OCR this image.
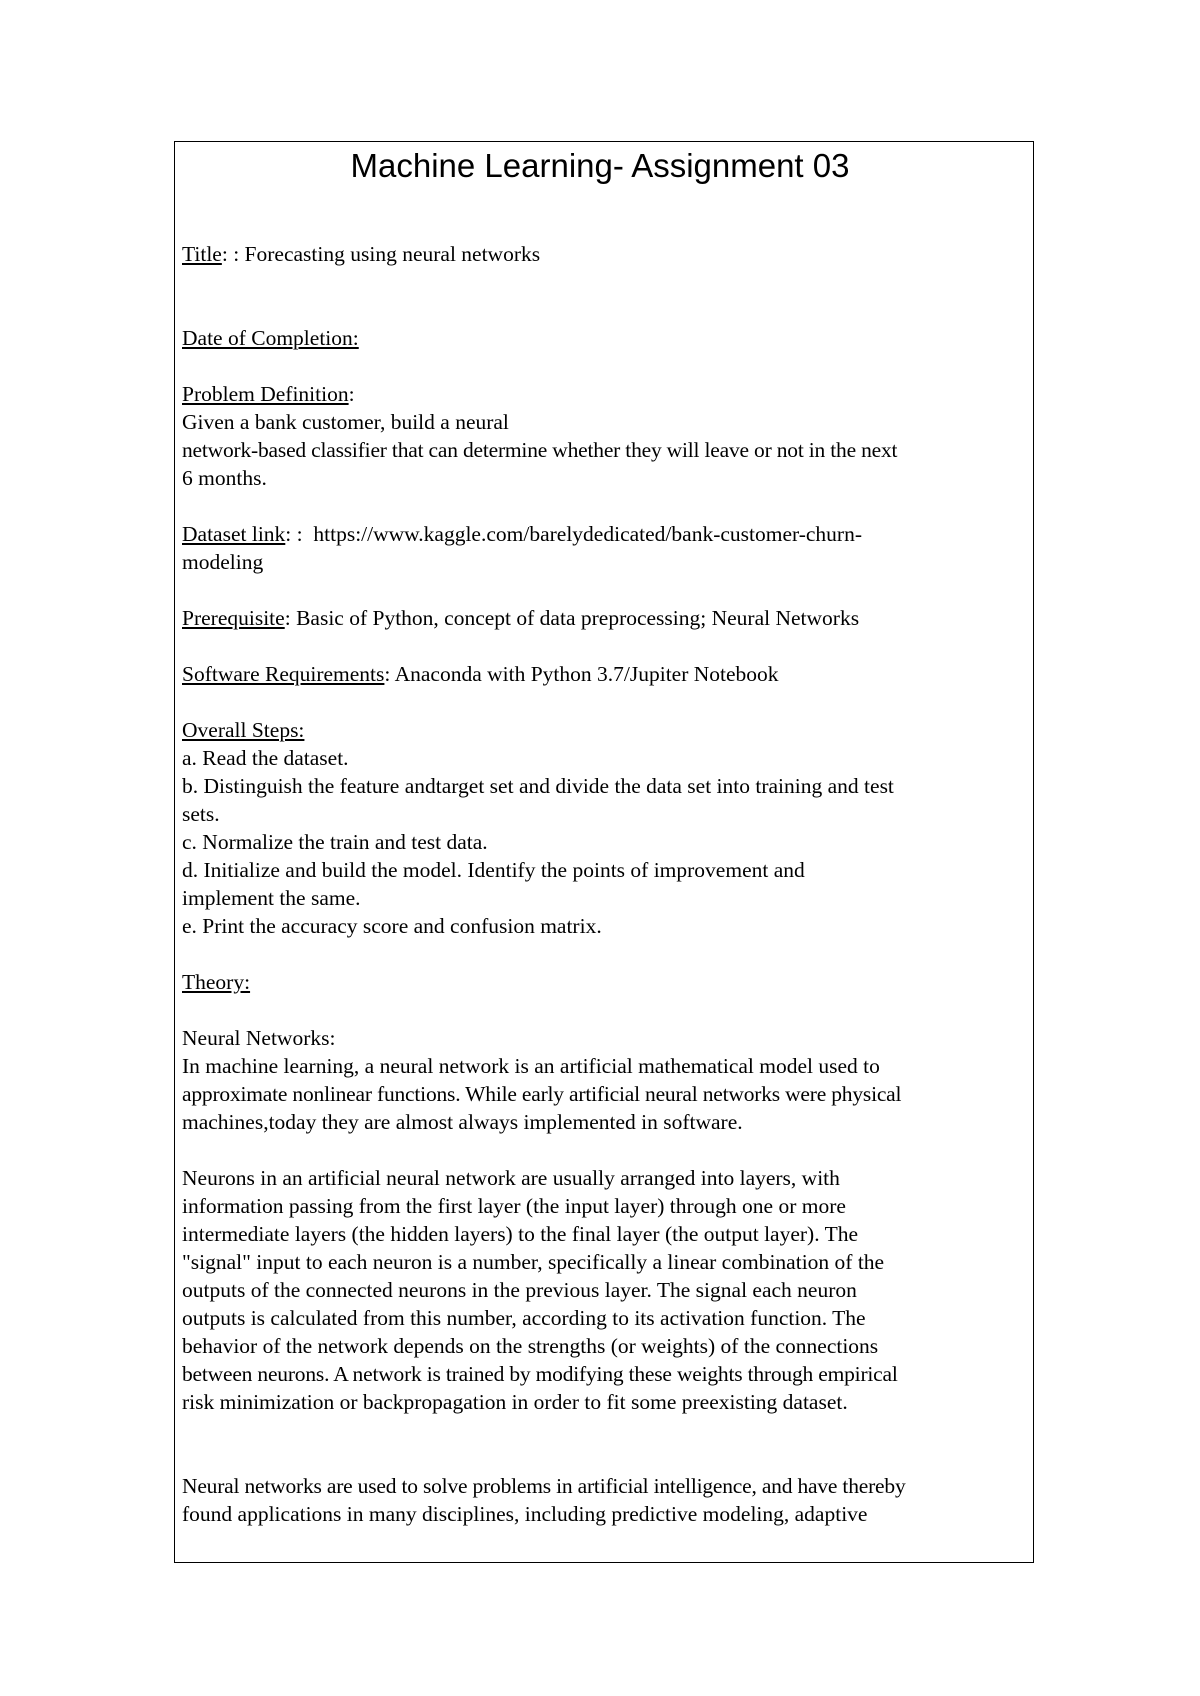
Machine Learning- Assignment 03

Title: : Forecasting using neural networks

Date of Completion:

Problem Definition:

Given a bank customer, build a neural

network-based classifier that can determine whether they will leave or not in the next

6 months.

Dataset link: :  https://www.kaggle.com/barelydedicated/bank-customer-churn-

modeling

Prerequisite: Basic of Python, concept of data preprocessing; Neural Networks

Software Requirements: Anaconda with Python 3.7/Jupiter Notebook

Overall Steps:

a. Read the dataset.

b. Distinguish the feature andtarget set and divide the data set into training and test

sets.

c. Normalize the train and test data.

d. Initialize and build the model. Identify the points of improvement and

implement the same.

e. Print the accuracy score and confusion matrix.

Theory:

Neural Networks:

In machine learning, a neural network is an artificial mathematical model used to

approximate nonlinear functions. While early artificial neural networks were physical

machines,today they are almost always implemented in software.

Neurons in an artificial neural network are usually arranged into layers, with

information passing from the first layer (the input layer) through one or more

intermediate layers (the hidden layers) to the final layer (the output layer). The

"signal" input to each neuron is a number, specifically a linear combination of the

outputs of the connected neurons in the previous layer. The signal each neuron

outputs is calculated from this number, according to its activation function. The

behavior of the network depends on the strengths (or weights) of the connections

between neurons. A network is trained by modifying these weights through empirical

risk minimization or backpropagation in order to fit some preexisting dataset.

Neural networks are used to solve problems in artificial intelligence, and have thereby

found applications in many disciplines, including predictive modeling, adaptive
